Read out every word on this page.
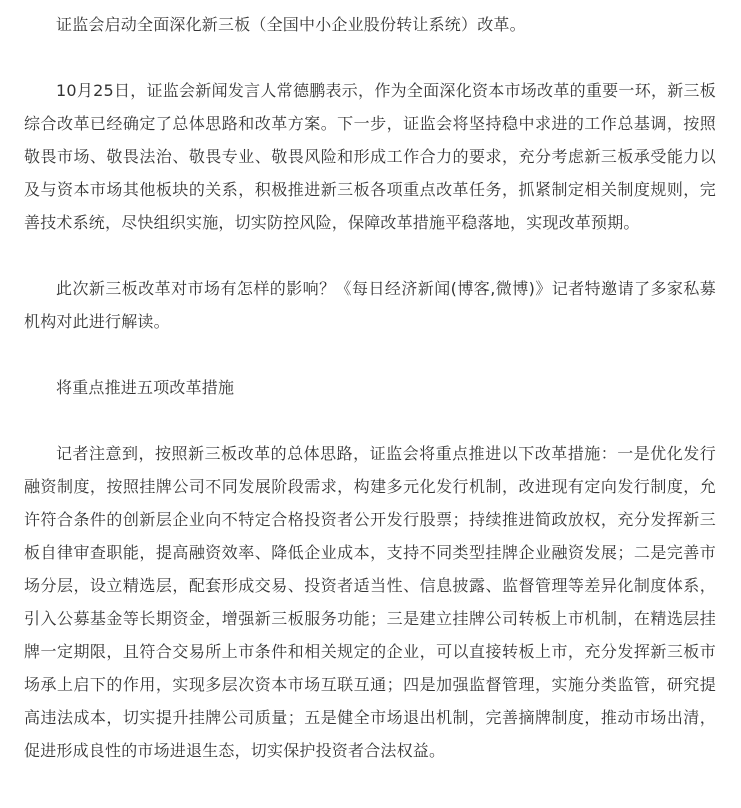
证监会启动全面深化新三板（全国中小企业股份转让系统）改革。

10月25日，证监会新闻发言人常德鹏表示，作为全面深化资本市场改革的重要一环，新三板综合改革已经确定了总体思路和改革方案。下一步，证监会将坚持稳中求进的工作总基调，按照敬畏市场、敬畏法治、敬畏专业、敬畏风险和形成工作合力的要求，充分考虑新三板承受能力以及与资本市场其他板块的关系，积极推进新三板各项重点改革任务，抓紧制定相关制度规则，完善技术系统，尽快组织实施，切实防控风险，保障改革措施平稳落地，实现改革预期。

此次新三板改革对市场有怎样的影响？《每日经济新闻(博客,微博)》记者特邀请了多家私募机构对此进行解读。

将重点推进五项改革措施

记者注意到，按照新三板改革的总体思路，证监会将重点推进以下改革措施：一是优化发行融资制度，按照挂牌公司不同发展阶段需求，构建多元化发行机制，改进现有定向发行制度，允许符合条件的创新层企业向不特定合格投资者公开发行股票；持续推进简政放权，充分发挥新三板自律审查职能，提高融资效率、降低企业成本，支持不同类型挂牌企业融资发展；二是完善市场分层，设立精选层，配套形成交易、投资者适当性、信息披露、监督管理等差异化制度体系，引入公募基金等长期资金，增强新三板服务功能；三是建立挂牌公司转板上市机制，在精选层挂牌一定期限，且符合交易所上市条件和相关规定的企业，可以直接转板上市，充分发挥新三板市场承上启下的作用，实现多层次资本市场互联互通；四是加强监督管理，实施分类监管，研究提高违法成本，切实提升挂牌公司质量；五是健全市场退出机制，完善摘牌制度，推动市场出清，促进形成良性的市场进退生态，切实保护投资者合法权益。
